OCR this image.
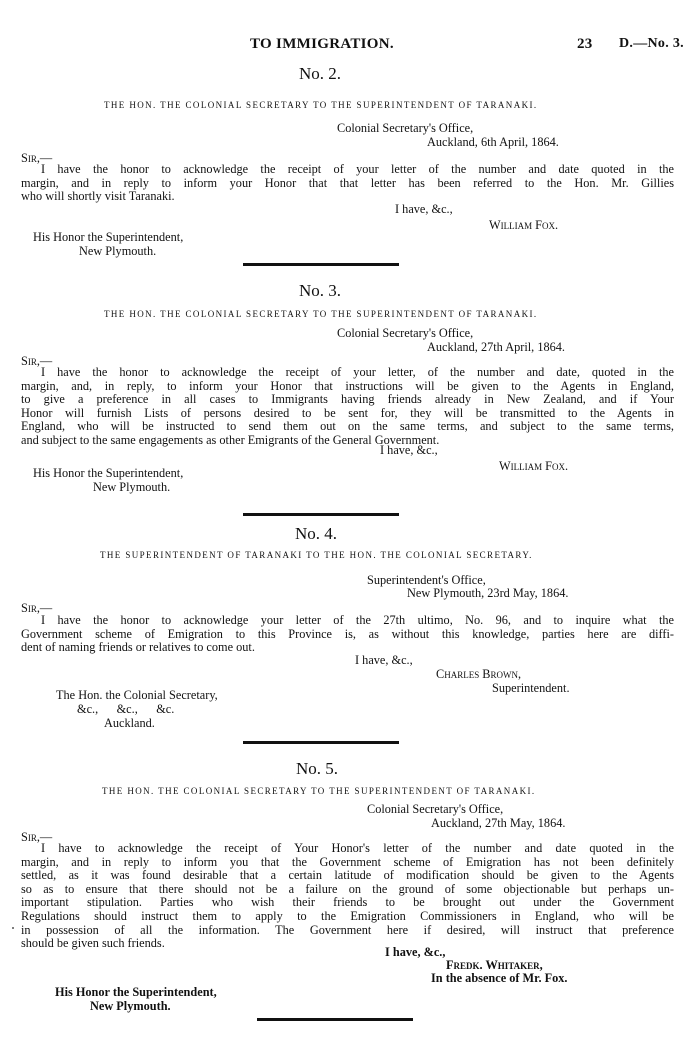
TO IMMIGRATION.	23 D.—No. 3.
No. 2.
THE HON. THE COLONIAL SECRETARY TO THE SUPERINTENDENT OF TARANAKI.
Colonial Secretary's Office,
Auckland, 6th April, 1864.
Sir,—
I have the honor to acknowledge the receipt of your letter of the number and date quoted in the
margin, and in reply to inform your Honor that that letter has been referred to the Hon. Mr. Gillies
who will shortly visit Taranaki.
I have, &c.,
William Fox.
His Honor the Superintendent,
New Plymouth.
No. 3.
THE HON. THE COLONIAL SECRETARY TO THE SUPERINTENDENT OF TARANAKI.
Colonial Secretary's Office,
Auckland, 27th April, 1864.
Sir,—
I have the honor to acknowledge the receipt of your letter, of the number and date, quoted in the
margin, and, in reply, to inform your Honor that instructions will be given to the Agents in England,
to give a preference in all cases to Immigrants having friends already in New Zealand, and if Your
Honor will furnish Lists of persons desired to be sent for, they will be transmitted to the Agents in
England, who will be instructed to send them out on the same terms, and subject to the same terms,
and subject to the same engagements as other Emigrants of the General Government.
I have, &c.,
William Fox.
His Honor the Superintendent,
New Plymouth.
No. 4.
THE SUPERINTENDENT OF TARANAKI TO THE HON. THE COLONIAL SECRETARY.
Superintendent's Office,
New Plymouth, 23rd May, 1864.
Sir,—
I have the honor to acknowledge your letter of the 27th ultimo, No. 96, and to inquire what the
Government scheme of Emigration to this Province is, as without this knowledge, parties here are diffi-
dent of naming friends or relatives to come out.
I have, &c.,
Charles Brown,
Superintendent.
The Hon. the Colonial Secretary,
&c.,      &c.,      &c.
Auckland.
No. 5.
THE HON. THE COLONIAL SECRETARY TO THE SUPERINTENDENT OF TARANAKI.
Colonial Secretary's Office,
Auckland, 27th May, 1864.
Sir,—
I have to acknowledge the receipt of Your Honor's letter of the number and date quoted in the
margin, and in reply to inform you that the Government scheme of Emigration has not been definitely
settled, as it was found desirable that a certain latitude of modification should be given to the Agents
so as to ensure that there should not be a failure on the ground of some objectionable but perhaps un-
important stipulation. Parties who wish their friends to be brought out under the Government
Regulations should instruct them to apply to the Emigration Commissioners in England, who will be
in possession of all the information. The Government here if desired, will instruct that preference
should be given such friends.
I have, &c.,
Fredk. Whitaker,
In the absence of Mr. Fox.
His Honor the Superintendent,
New Plymouth.
